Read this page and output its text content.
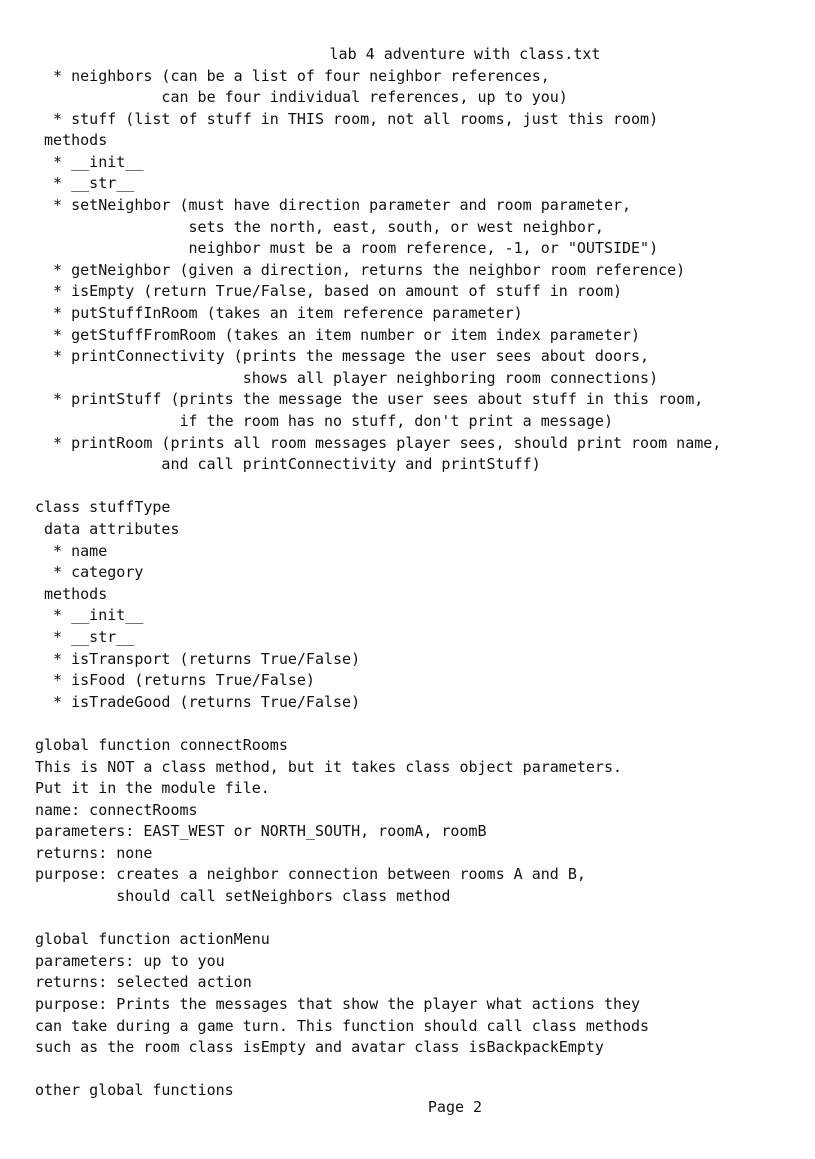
lab 4 adventure with class.txt
* neighbors (can be a list of four neighbor references,
can be four individual references, up to you)
* stuff (list of stuff in THIS room, not all rooms, just this room)
methods
* __init__
* __str__
* setNeighbor (must have direction parameter and room parameter,
sets the north, east, south, or west neighbor,
neighbor must be a room reference, -1, or "OUTSIDE")
* getNeighbor (given a direction, returns the neighbor room reference)
* isEmpty (return True/False, based on amount of stuff in room)
* putStuffInRoom (takes an item reference parameter)
* getStuffFromRoom (takes an item number or item index parameter)
* printConnectivity (prints the message the user sees about doors,
shows all player neighboring room connections)
* printStuff (prints the message the user sees about stuff in this room,
if the room has no stuff, don't print a message)
* printRoom (prints all room messages player sees, should print room name,
and call printConnectivity and printStuff)
class stuffType
data attributes
* name
* category
methods
* __init__
* __str__
* isTransport (returns True/False)
* isFood (returns True/False)
* isTradeGood (returns True/False)
global function connectRooms
This is NOT a class method, but it takes class object parameters.
Put it in the module file.
name: connectRooms
parameters: EAST_WEST or NORTH_SOUTH, roomA, roomB
returns: none
purpose: creates a neighbor connection between rooms A and B,
should call setNeighbors class method
global function actionMenu
parameters: up to you
returns: selected action
purpose: Prints the messages that show the player what actions they
can take during a game turn. This function should call class methods
such as the room class isEmpty and avatar class isBackpackEmpty
other global functions
Page 2
